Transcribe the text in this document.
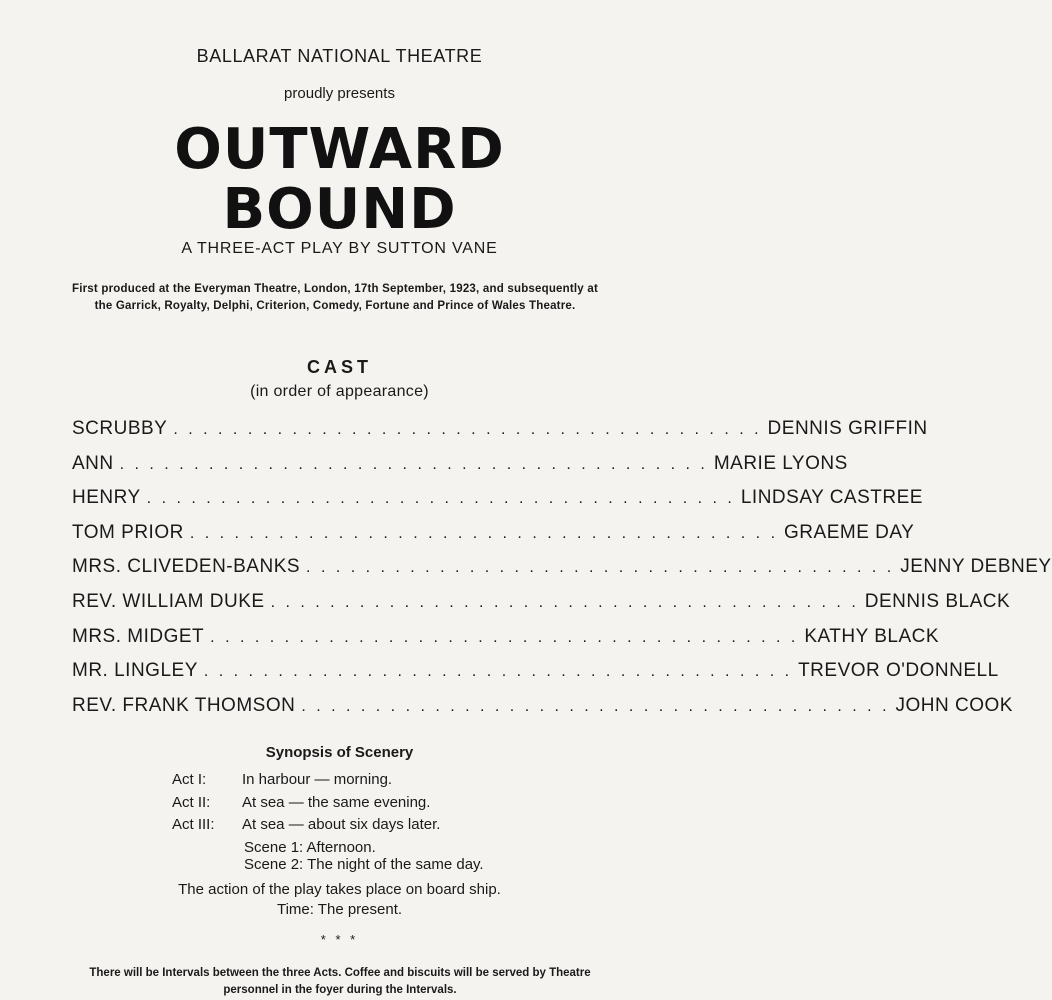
BALLARAT NATIONAL THEATRE
proudly presents
OUTWARD
BOUND
A THREE-ACT PLAY BY SUTTON VANE
First produced at the Everyman Theatre, London, 17th September, 1923, and subsequently at the Garrick, Royalty, Delphi, Criterion, Comedy, Fortune and Prince of Wales Theatre.
CAST
(in order of appearance)
SCRUBBY . . . . . . . . . . . . . . . . . . . . . . . . . . . . . . . . . . . . . . . . DENNIS GRIFFIN
ANN . . . . . . . . . . . . . . . . . . . . . . . . . . . . . . . . . . . . . . . . MARIE LYONS
HENRY . . . . . . . . . . . . . . . . . . . . . . . . . . . . . . . . . . . . . . . . LINDSAY CASTREE
TOM PRIOR . . . . . . . . . . . . . . . . . . . . . . . . . . . . . . . . . . . . . . . . GRAEME DAY
MRS. CLIVEDEN-BANKS . . . . . . . . . . . . . . . . . . . . . . . . . . . . . . . . . . . . . . . . JENNY DEBNEY
REV. WILLIAM DUKE . . . . . . . . . . . . . . . . . . . . . . . . . . . . . . . . . . . . . . . . DENNIS BLACK
MRS. MIDGET . . . . . . . . . . . . . . . . . . . . . . . . . . . . . . . . . . . . . . . . KATHY BLACK
MR. LINGLEY . . . . . . . . . . . . . . . . . . . . . . . . . . . . . . . . . . . . . . . . TREVOR O'DONNELL
REV. FRANK THOMSON . . . . . . . . . . . . . . . . . . . . . . . . . . . . . . . . . . . . . . . . JOHN COOK
Synopsis of Scenery
Act I: In harbour — morning.
Act II: At sea — the same evening.
Act III: At sea — about six days later.
Scene 1: Afternoon.
Scene 2: The night of the same day.
The action of the play takes place on board ship.
Time: The present.
* * *
There will be Intervals between the three Acts. Coffee and biscuits will be served by Theatre personnel in the foyer during the Intervals.
